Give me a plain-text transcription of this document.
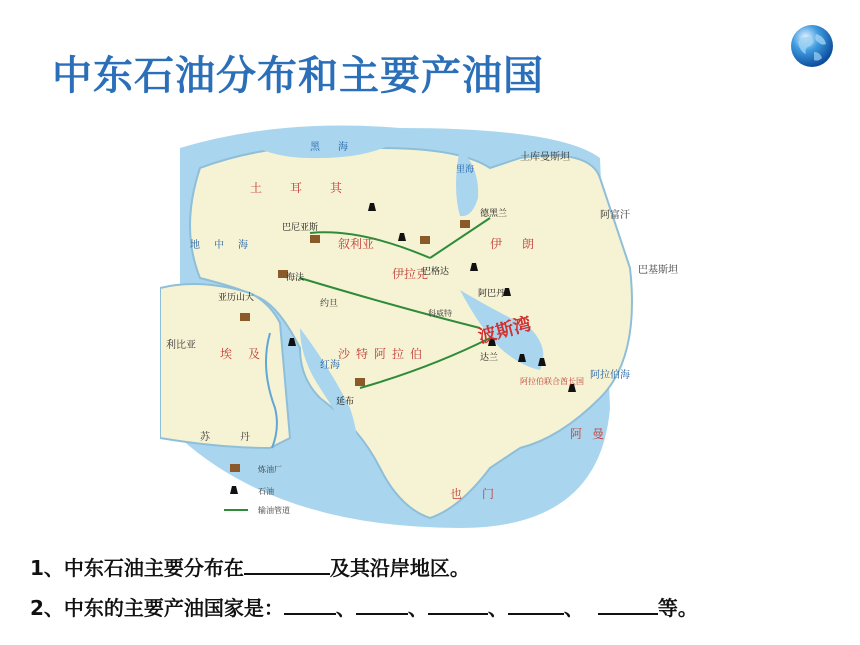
中东石油分布和主要产油国
土耳其
伊朗
叙利亚
伊拉克
沙特阿拉伯
埃及
也门
阿曼
阿拉伯联合酋长国
利比亚
苏丹
土库曼斯坦
巴基斯坦
阿富汗
科威特
约旦
黑海
地中海
红海
阿拉伯海
里海
巴格达
德黑兰
亚历山大	阿巴丹
巴尼亚斯
海法
延布
达兰
波斯湾
炼油厂
石油
输油管道
1、中东石油主要分布在	及其沿岸地区。
2、中东的主要产油国家是：	、	、	、	、	等。
